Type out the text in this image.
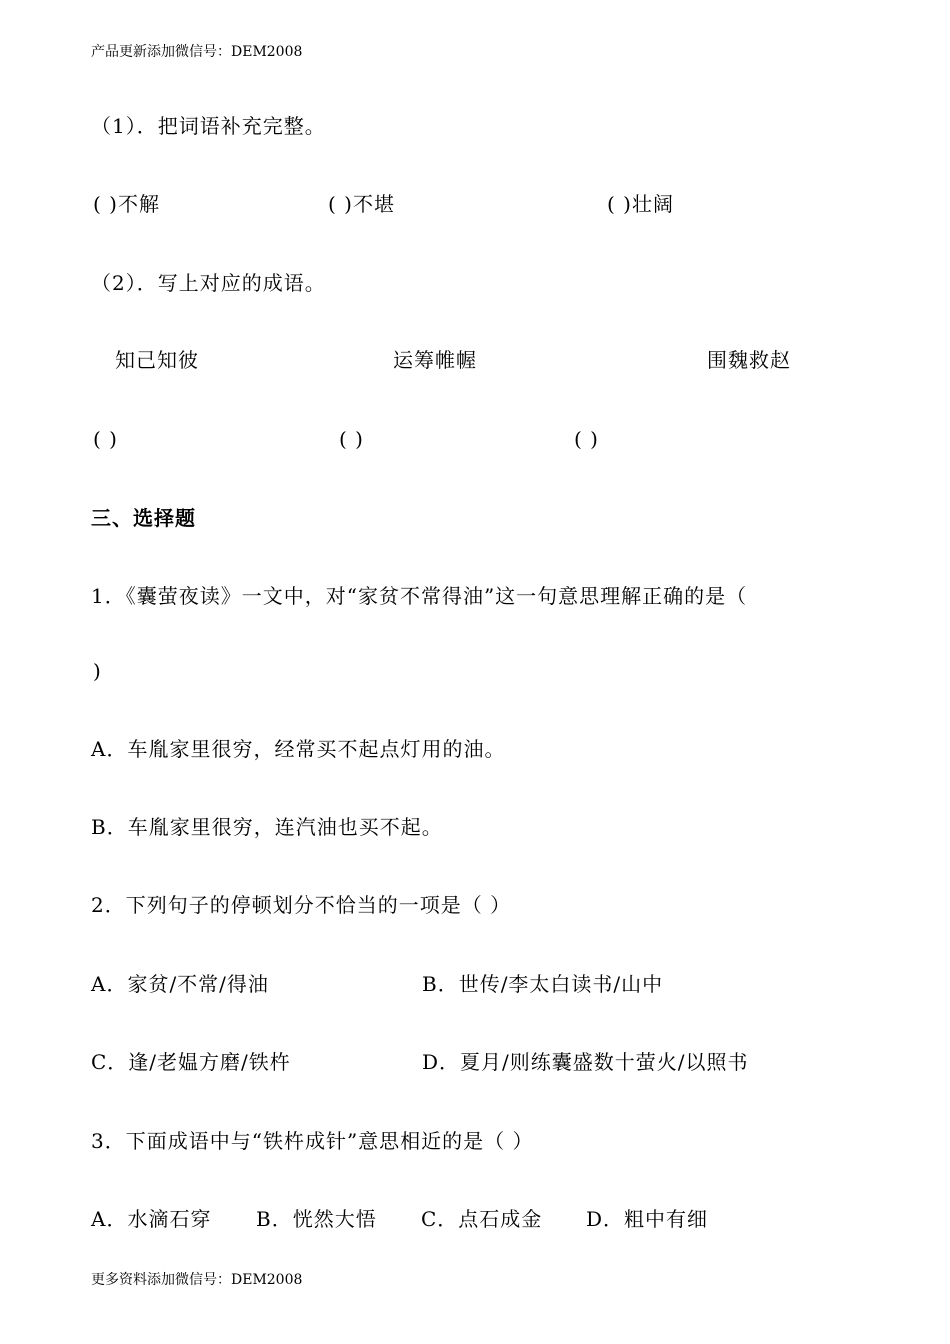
产品更新添加微信号：DEM2008
（1）．把词语补充完整。
( )不解	( )不堪	( )壮阔
（2）．写上对应的成语。
知己知彼	运筹帷幄	围魏救赵
( )	( )	( )
三、选择题
1．《囊萤夜读》一文中，对“家贫不常得油”这一句意思理解正确的是（
)
A．车胤家里很穷，经常买不起点灯用的油。
B．车胤家里很穷，连汽油也买不起。
2．下列句子的停顿划分不恰当的一项是（ ）
A．家贫/不常/得油	B．世传/李太白读书/山中
C．逢/老媪方磨/铁杵	D．夏月/则练囊盛数十萤火/以照书
3．下面成语中与“铁杵成针”意思相近的是（ ）
A．水滴石穿 B．恍然大悟 C．点石成金 D．粗中有细
更多资料添加微信号：DEM2008
